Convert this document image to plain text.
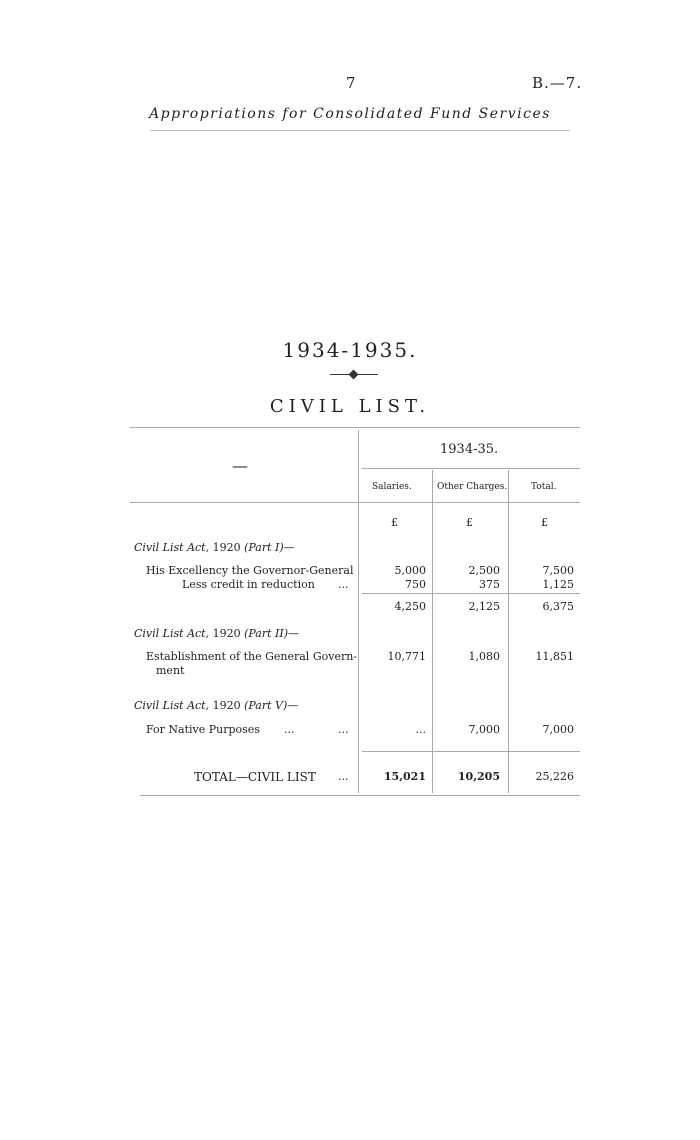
7	B.—7.
Appropriations for Consolidated Fund Services
1934-1935.
CIVIL LIST.
—
1934-35.
Salaries.	Other Charges.	Total.
£	£	£
Civil List Act, 1920 (Part I)—
His Excellency the Governor-General	5,000	2,500	7,500
Less credit in reduction ...	750	375	1,125
4,250	2,125	6,375
Civil List Act, 1920 (Part II)—
Establishment of the General Govern-
ment
10,771	1,080	11,851
Civil List Act, 1920 (Part V)—
For Native Purposes ...	...	...	7,000	7,000
TOTAL—CIVIL LIST ...	15,021	10,205	25,226
